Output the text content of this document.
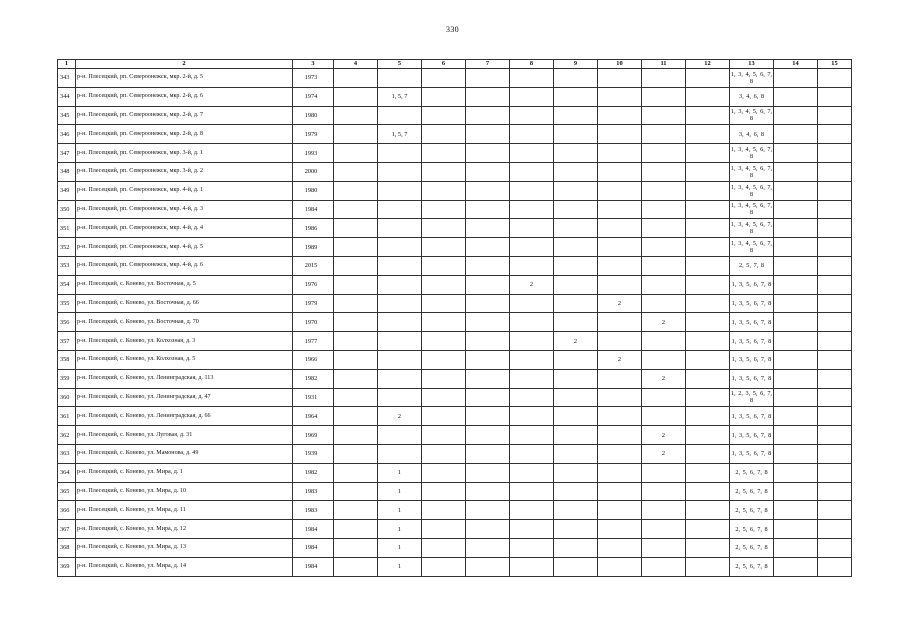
330
1	2	3	4	5	6	7	8	9	10	11	12	13	14	15
343	р-н. Плесецкий, рп. Североонежск, мкр. 2-й, д. 5	1973										1, 3, 4, 5, 6, 7, 8		
344	р-н. Плесецкий, рп. Североонежск, мкр. 2-й, д. 6	1974		1, 5, 7								3, 4, 6, 8		
345	р-н. Плесецкий, рп. Североонежск, мкр. 2-й, д. 7	1980										1, 3, 4, 5, 6, 7, 8		
346	р-н. Плесецкий, рп. Североонежск, мкр. 2-й, д. 8	1979		1, 5, 7								3, 4, 6, 8		
347	р-н. Плесецкий, рп. Североонежск, мкр. 3-й, д. 1	1993										1, 3, 4, 5, 6, 7, 8		
348	р-н. Плесецкий, рп. Североонежск, мкр. 3-й, д. 2	2000										1, 3, 4, 5, 6, 7, 8		
349	р-н. Плесецкий, рп. Североонежск, мкр. 4-й, д. 1	1980										1, 3, 4, 5, 6, 7, 8		
350	р-н. Плесецкий, рп. Североонежск, мкр. 4-й, д. 3	1984										1, 3, 4, 5, 6, 7, 8		
351	р-н. Плесецкий, рп. Североонежск, мкр. 4-й, д. 4	1986										1, 3, 4, 5, 6, 7, 8		
352	р-н. Плесецкий, рп. Североонежск, мкр. 4-й, д. 5	1989										1, 3, 4, 5, 6, 7, 8		
353	р-н. Плесецкий, рп. Североонежск, мкр. 4-й, д. 6	2015										2, 5, 7, 8		
354	р-н. Плесецкий, с. Конево, ул. Восточная, д. 5	1976					2					1, 3, 5, 6, 7, 8		
355	р-н. Плесецкий, с. Конево, ул. Восточная, д. 66	1979							2			1, 3, 5, 6, 7, 8		
356	р-н. Плесецкий, с. Конево, ул. Восточная, д. 70	1970								2		1, 3, 5, 6, 7, 8		
357	р-н. Плесецкий, с. Конево, ул. Колхозная, д. 3	1977						2				1, 3, 5, 6, 7, 8		
358	р-н. Плесецкий, с. Конево, ул. Колхозная, д. 5	1966							2			1, 3, 5, 6, 7, 8		
359	р-н. Плесецкий, с. Конево, ул. Ленинградская, д. 113	1982								2		1, 3, 5, 6, 7, 8		
360	р-н. Плесецкий, с. Конево, ул. Ленинградская, д. 47	1931										1, 2, 3, 5, 6, 7, 8		
361	р-н. Плесецкий, с. Конево, ул. Ленинградская, д. 66	1964		2								1, 3, 5, 6, 7, 8		
362	р-н. Плесецкий, с. Конево, ул. Луговая, д. 31	1969								2		1, 3, 5, 6, 7, 8		
363	р-н. Плесецкий, с. Конево, ул. Мамонова, д. 49	1939								2		1, 3, 5, 6, 7, 8		
364	р-н. Плесецкий, с. Конево, ул. Мира, д. 1	1982		1								2, 5, 6, 7, 8		
365	р-н. Плесецкий, с. Конево, ул. Мира, д. 10	1983		1								2, 5, 6, 7, 8		
366	р-н. Плесецкий, с. Конево, ул. Мира, д. 11	1983		1								2, 5, 6, 7, 8		
367	р-н. Плесецкий, с. Конево, ул. Мира, д. 12	1984		1								2, 5, 6, 7, 8		
368	р-н. Плесецкий, с. Конево, ул. Мира, д. 13	1984		1								2, 5, 6, 7, 8		
369	р-н. Плесецкий, с. Конево, ул. Мира, д. 14	1984		1								2, 5, 6, 7, 8		
